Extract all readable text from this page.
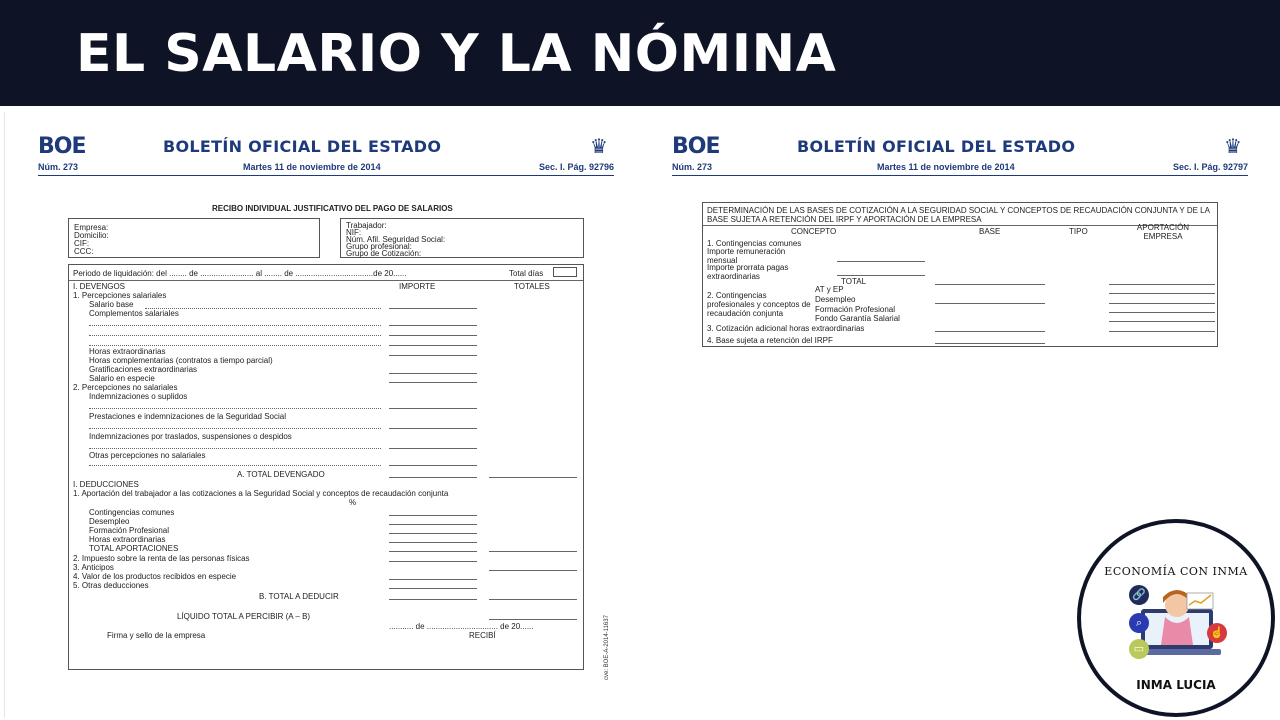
EL SALARIO Y LA NÓMINA
BOE	BOLETÍN OFICIAL DEL ESTADO	♛
Núm. 273	Martes 11 de noviembre de 2014	Sec. I. Pág. 92796
RECIBO INDIVIDUAL JUSTIFICATIVO DEL PAGO DE SALARIOS
Empresa:
Domicilio:
CIF:
CCC:
Trabajador:
NIF:
Núm. Afil. Seguridad Social:
Grupo profesional:
Grupo de Cotización:
Periodo de liquidación: del ........ de ........................ al ........ de ...................................de 20......	Total días
IMPORTE	TOTALES
I. DEVENGOS
1. Percepciones salariales
Salario base
Complementos salariales
Horas extraordinarias
Horas complementarias (contratos a tiempo parcial)
Gratificaciones extraordinarias
Salario en especie
2. Percepciones no salariales
Indemnizaciones o suplidos
Prestaciones e indemnizaciones de la Seguridad Social
Indemnizaciones por traslados, suspensiones o despidos
Otras percepciones no salariales
A. TOTAL DEVENGADO
I. DEDUCCIONES
1. Aportación del trabajador a las cotizaciones a la Seguridad Social y conceptos de recaudación conjunta
%
Contingencias comunes
Desempleo
Formación Profesional
Horas extraordinarias
TOTAL APORTACIONES
2. Impuesto sobre la renta de las personas físicas
3. Anticipos
4. Valor de los productos recibidos en especie
5. Otras deducciones
B. TOTAL A DEDUCIR
LÍQUIDO TOTAL A PERCIBIR (A – B)
........... de ................................ de 20......
Firma y sello de la empresa	RECIBÍ	cve: BOE-A-2014-11637
BOE	BOLETÍN OFICIAL DEL ESTADO	♛
Núm. 273	Martes 11 de noviembre de 2014	Sec. I. Pág. 92797
DETERMINACIÓN DE LAS BASES DE COTIZACIÓN A LA SEGURIDAD SOCIAL Y CONCEPTOS DE RECAUDACIÓN CONJUNTA Y DE LA BASE SUJETA A RETENCIÓN DEL IRPF Y APORTACIÓN DE LA EMPRESA
CONCEPTO	BASE	TIPO	APORTACIÓN EMPRESA
1. Contingencias comunes
Importe remuneración mensual
Importe prorrata pagas extraordinarias
TOTAL
2. Contingencias profesionales y conceptos de recaudación conjunta
AT y EP
Desempleo
Formación Profesional
Fondo Garantía Salarial
3. Cotización adicional horas extraordinarias
4. Base sujeta a retención del IRPF
ECONOMÍA CON INMA
🔗
⌕
▭
☝
INMA LUCIA
